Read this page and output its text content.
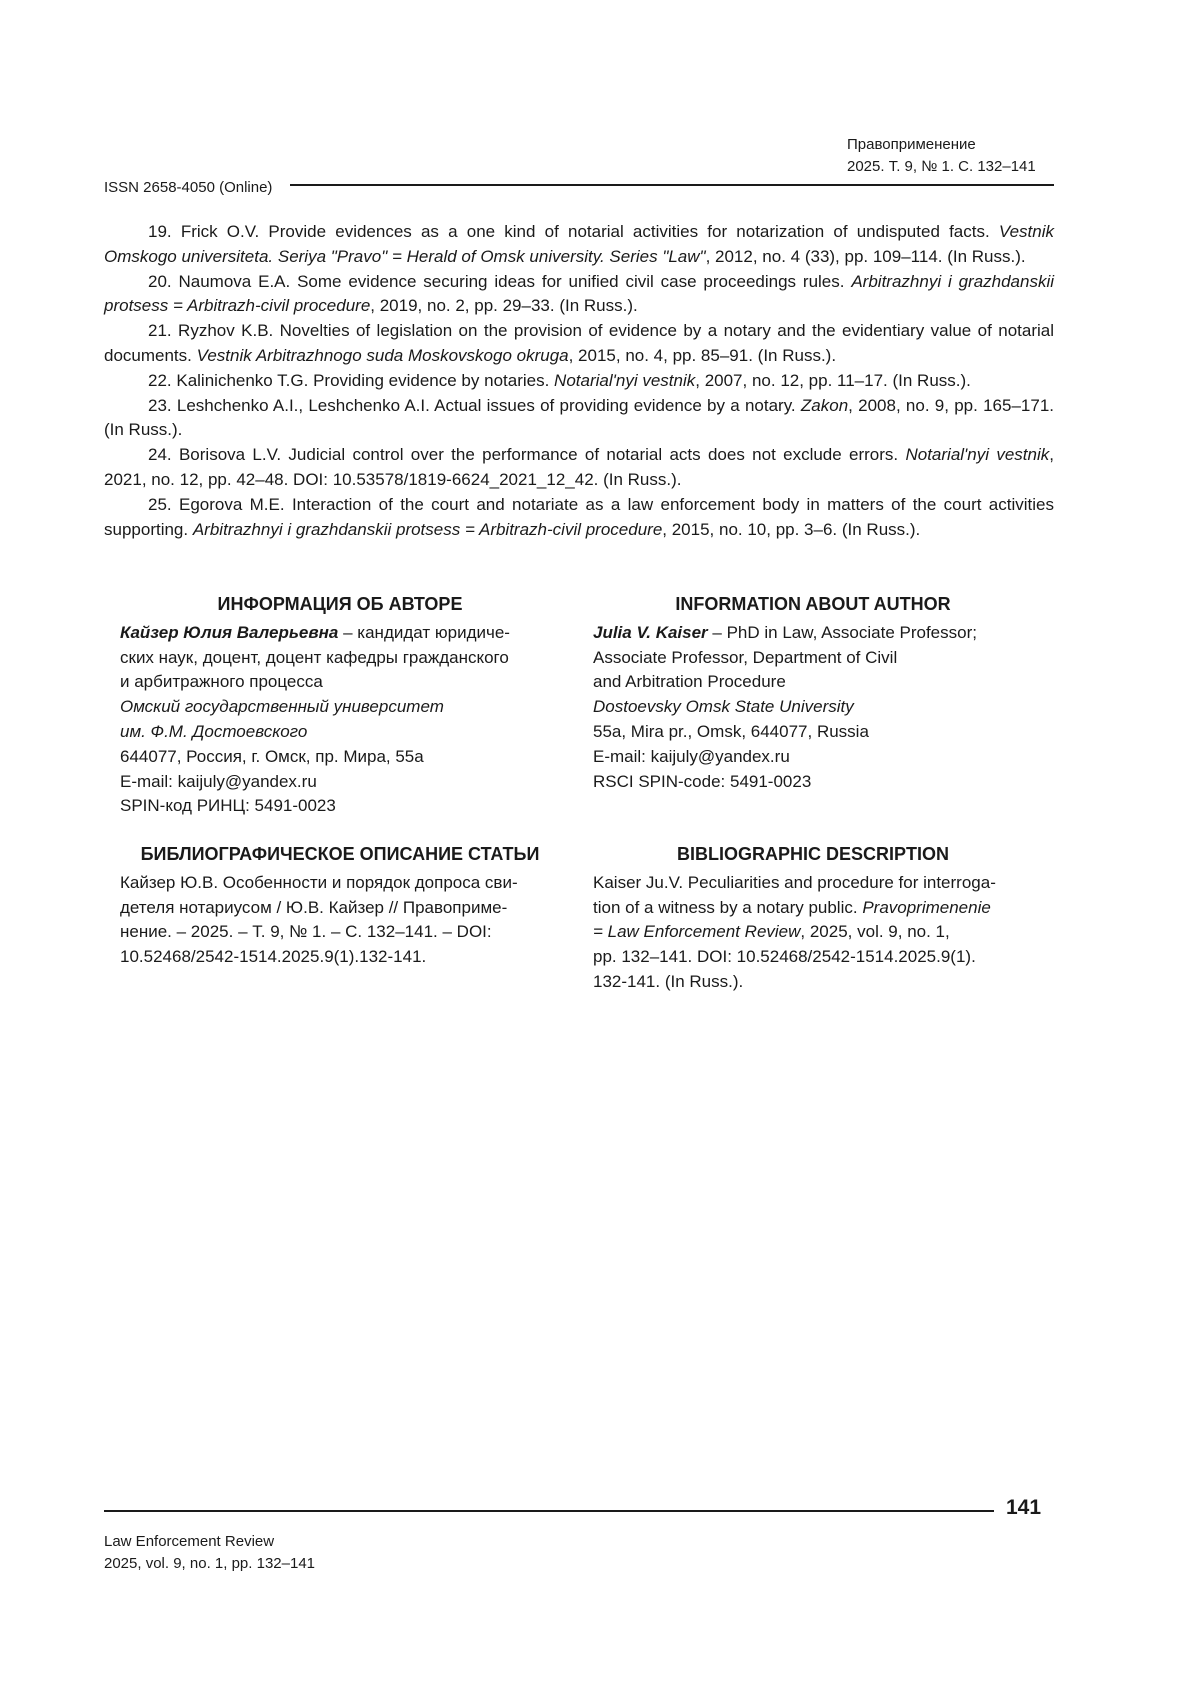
Правоприменение
2025. Т. 9, № 1. С. 132–141
ISSN 2658-4050 (Online)

19. Frick O.V. Provide evidences as a one kind of notarial activities for notarization of undisputed facts. Vestnik Omskogo universiteta. Seriya "Pravo" = Herald of Omsk university. Series "Law", 2012, no. 4 (33), pp. 109–114. (In Russ.).

20. Naumova E.A. Some evidence securing ideas for unified civil case proceedings rules. Arbitrazhnyi i grazhdanskii protsess = Arbitrazh-civil procedure, 2019, no. 2, pp. 29–33. (In Russ.).

21. Ryzhov K.B. Novelties of legislation on the provision of evidence by a notary and the evidentiary value of notarial documents. Vestnik Arbitrazhnogo suda Moskovskogo okruga, 2015, no. 4, pp. 85–91. (In Russ.).

22. Kalinichenko T.G. Providing evidence by notaries. Notarial'nyi vestnik, 2007, no. 12, pp. 11–17. (In Russ.).

23. Leshchenko A.I., Leshchenko A.I. Actual issues of providing evidence by a notary. Zakon, 2008, no. 9, pp. 165–171. (In Russ.).

24. Borisova L.V. Judicial control over the performance of notarial acts does not exclude errors. Notarial'nyi vestnik, 2021, no. 12, pp. 42–48. DOI: 10.53578/1819-6624_2021_12_42. (In Russ.).

25. Egorova M.E. Interaction of the court and notariate as a law enforcement body in matters of the court activities supporting. Arbitrazhnyi i grazhdanskii protsess = Arbitrazh-civil procedure, 2015, no. 10, pp. 3–6. (In Russ.).

ИНФОРМАЦИЯ ОБ АВТОРЕ
Кайзер Юлия Валерьевна – кандидат юридиче-
ских наук, доцент, доцент кафедры гражданского
и арбитражного процесса
Омский государственный университет
им. Ф.М. Достоевского
644077, Россия, г. Омск, пр. Мира, 55а
E-mail: kaijuly@yandex.ru
SPIN-код РИНЦ: 5491-0023
INFORMATION ABOUT AUTHOR
Julia V. Kaiser – PhD in Law, Associate Professor;
Associate Professor, Department of Civil
and Arbitration Procedure
Dostoevsky Omsk State University
55a, Mira pr., Omsk, 644077, Russia
E-mail: kaijuly@yandex.ru
RSCI SPIN-code: 5491-0023
БИБЛИОГРАФИЧЕСКОЕ ОПИСАНИЕ СТАТЬИ
Кайзер Ю.В. Особенности и порядок допроса сви-
детеля нотариусом / Ю.В. Кайзер // Правоприме-
нение. – 2025. – Т. 9, № 1. – С. 132–141. – DOI:
10.52468/2542-1514.2025.9(1).132-141.
BIBLIOGRAPHIC DESCRIPTION
Kaiser Ju.V. Peculiarities and procedure for interroga-
tion of a witness by a notary public. Pravoprimenenie
= Law Enforcement Review, 2025, vol. 9, no. 1,
pp. 132–141. DOI: 10.52468/2542-1514.2025.9(1).
132-141. (In Russ.).
141
Law Enforcement Review
2025, vol. 9, no. 1, pp. 132–141
